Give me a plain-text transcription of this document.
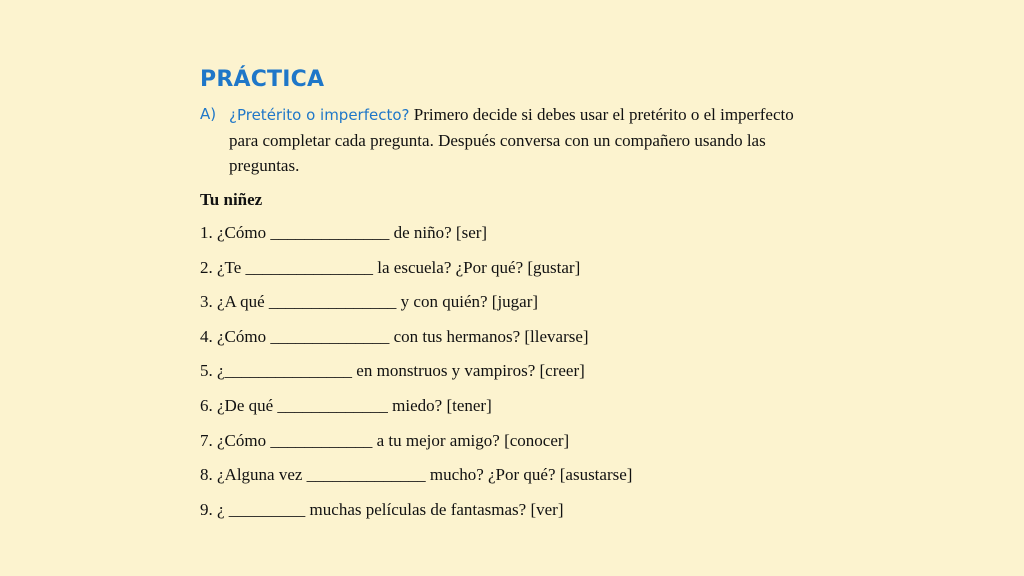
PRÁCTICA
A) ¿Pretérito o imperfecto? Primero decide si debes usar el pretérito o el imperfecto para completar cada pregunta. Después conversa con un compañero usando las preguntas.
Tu niñez
1. ¿Cómo ______________ de niño? [ser]
2. ¿Te _______________ la escuela? ¿Por qué? [gustar]
3. ¿A qué _______________ y con quién? [jugar]
4. ¿Cómo ______________ con tus hermanos? [llevarse]
5. ¿_______________ en monstruos y vampiros? [creer]
6. ¿De qué _____________ miedo? [tener]
7. ¿Cómo ____________ a tu mejor amigo? [conocer]
8. ¿Alguna vez ______________ mucho? ¿Por qué? [asustarse]
9. ¿ _________ muchas películas de fantasmas? [ver]
